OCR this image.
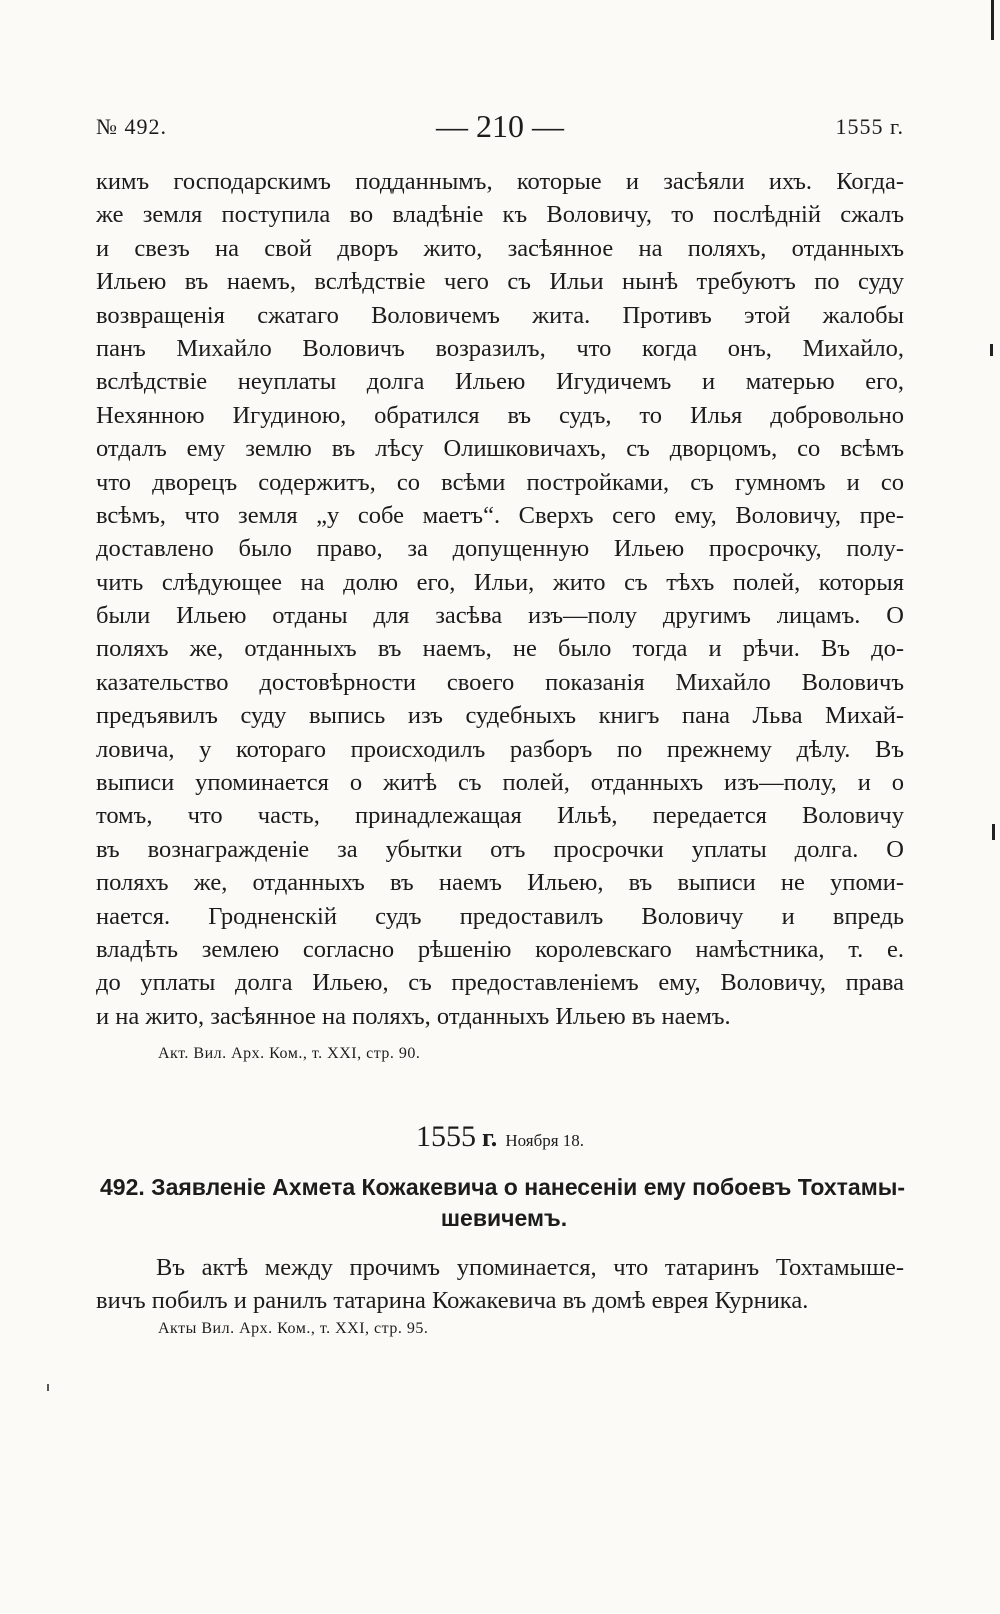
№ 492.	— 210 —	1555 г.
кимъ господарскимъ подданнымъ, которые и засѣяли ихъ. Когда-
же земля поступила во владѣніе къ Воловичу, то послѣдній сжалъ
и свезъ на свой дворъ жито, засѣянное на поляхъ, отданныхъ
Ильею въ наемъ, вслѣдствіе чего съ Ильи нынѣ требуютъ по суду
возвращенія сжатаго Воловичемъ жита. Противъ этой жалобы
панъ Михайло Воловичъ возразилъ, что когда онъ, Михайло,
вслѣдствіе неуплаты долга Ильею Игудичемъ и матерью его,
Нехянною Игудиною, обратился въ судъ, то Илья добровольно
отдалъ ему землю въ лѣсу Олишковичахъ, съ дворцомъ, со всѣмъ
что дворецъ содержитъ, со всѣми постройками, съ гумномъ и со
всѣмъ, что земля „у собе маетъ“. Сверхъ сего ему, Воловичу, пре-
доставлено было право, за допущенную Ильею просрочку, полу-
чить слѣдующее на долю его, Ильи, жито съ тѣхъ полей, которыя
были Ильею отданы для засѣва изъ—полу другимъ лицамъ. О
поляхъ же, отданныхъ въ наемъ, не было тогда и рѣчи. Въ до-
казательство достовѣрности своего показанія Михайло Воловичъ
предъявилъ суду выпись изъ судебныхъ книгъ пана Льва Михай-
ловича, у котораго происходилъ разборъ по прежнему дѣлу. Въ
выписи упоминается о житѣ съ полей, отданныхъ изъ—полу, и о
томъ, что часть, принадлежащая Ильѣ, передается Воловичу
въ вознагражденіе за убытки отъ просрочки уплаты долга. О
поляхъ же, отданныхъ въ наемъ Ильею, въ выписи не упоми-
нается. Гродненскій судъ предоставилъ Воловичу и впредь
владѣть землею согласно рѣшенію королевскаго намѣстника, т. е.
до уплаты долга Ильею, съ предоставленіемъ ему, Воловичу, права
и на жито, засѣянное на поляхъ, отданныхъ Ильею въ наемъ.
Акт. Вил. Арх. Ком., т. XXI, стр. 90.
1555 г. Ноября 18.
492. Заявленіе Ахмета Кожакевича о нанесеніи ему побоевъ Тохтамы-
шевичемъ.
Въ актѣ между прочимъ упоминается, что татаринъ Тохтамыше-
вичъ побилъ и ранилъ татарина Кожакевича въ домѣ еврея Курника.
Акты Вил. Арх. Ком., т. XXI, стр. 95.
